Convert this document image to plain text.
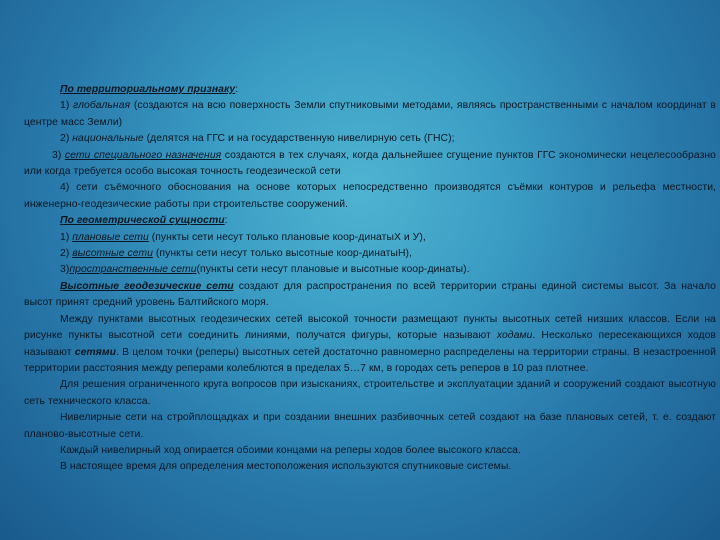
По территориальному признаку:

1) глобальная (создаются на всю поверхность Земли спутниковыми методами, являясь пространственными с началом координат в центре масс Земли)

2) национальные (делятся на ГГС и на государственную нивелирную сеть (ГНС);

3) сети специального назначения создаются в тех случаях, когда дальнейшее сгущение пунктов ГГС экономически нецелесообразно или когда требуется особо высокая точность геодезической сети

4) сети съёмочного обоснования на основе которых непосредственно производятся съёмки контуров и рельефа местности, инженерно-геодезические работы при строительстве сооружений.

По геометрической сущности:

1) плановые сети (пункты сети несут только плановые коор-динатыX и У),

2) высотные сети (пункты сети несут только высотные коор-динатыН),

3)пространственные сети(пункты сети несут плановые и высотные коор-динаты).

Высотные геодезические сети создают для распространения по всей территории страны единой системы высот. За начало высот принят средний уровень Балтийского моря.

Между пунктами высотных геодезических сетей высокой точности размещают пункты высотных сетей низших классов. Если на рисунке пункты высотной сети соединить линиями, получатся фигуры, которые называют ходами. Несколько пересекающихся ходов называют сетями. В целом точки (реперы) высотных сетей достаточно равномерно распределены на территории страны. В незастроенной территории расстояния между реперами колеблются в пределах 5…7 км, в городах сеть реперов в 10 раз плотнее.

Для решения ограниченного круга вопросов при изысканиях, строительстве и эксплуатации зданий и сооружений создают высотную сеть технического класса.

Нивелирные сети на стройплощадках и при создании внешних разбивочных сетей создают на базе плановых сетей, т. е. создают планово-высотные сети.

Каждый нивелирный ход опирается обоими концами на реперы ходов более высокого класса.

В настоящее время для определения местоположения используются спутниковые системы.
